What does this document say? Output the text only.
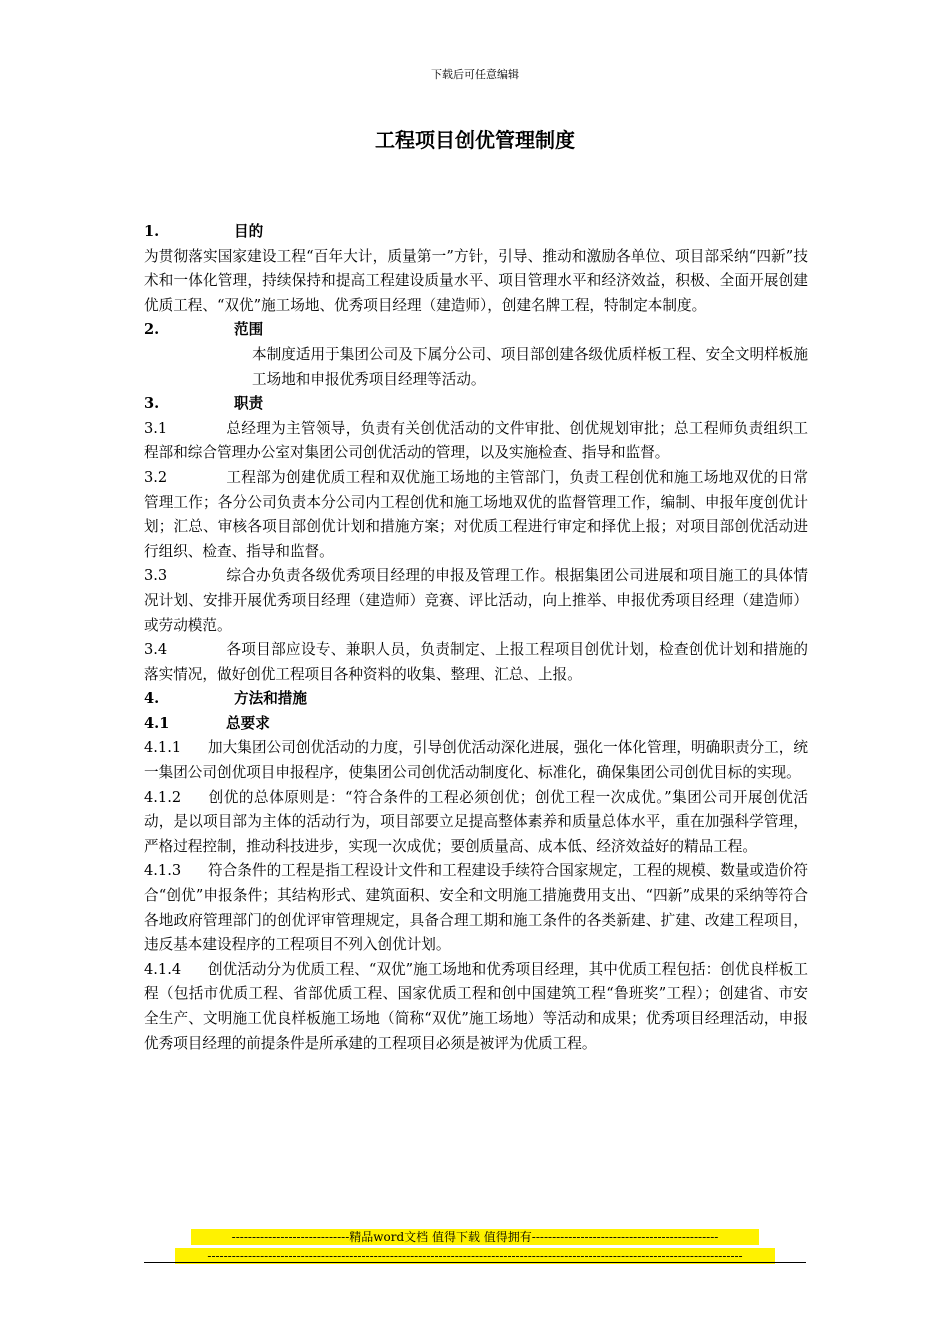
下载后可任意编辑
工程项目创优管理制度

1.	目的

为贯彻落实国家建设工程“百年大计，质量第一”方针，引导、推动和激励各单位、项目部采纳“四新”技术和一体化管理，持续保持和提高工程建设质量水平、项目管理水平和经济效益，积极、全面开展创建优质工程、“双优”施工场地、优秀项目经理（建造师），创建名牌工程，特制定本制度。

2.	范围

本制度适用于集团公司及下属分公司、项目部创建各级优质样板工程、安全文明样板施工场地和申报优秀项目经理等活动。

3.	职责

3.1	总经理为主管领导，负责有关创优活动的文件审批、创优规划审批；总工程师负责组织工程部和综合管理办公室对集团公司创优活动的管理，以及实施检查、指导和监督。

3.2	工程部为创建优质工程和双优施工场地的主管部门，负责工程创优和施工场地双优的日常管理工作；各分公司负责本分公司内工程创优和施工场地双优的监督管理工作，编制、申报年度创优计划；汇总、审核各项目部创优计划和措施方案；对优质工程进行审定和择优上报；对项目部创优活动进行组织、检查、指导和监督。

3.3	综合办负责各级优秀项目经理的申报及管理工作。根据集团公司进展和项目施工的具体情况计划、安排开展优秀项目经理（建造师）竞赛、评比活动，向上推举、申报优秀项目经理（建造师）或劳动模范。

3.4	各项目部应设专、兼职人员，负责制定、上报工程项目创优计划，检查创优计划和措施的落实情况，做好创优工程项目各种资料的收集、整理、汇总、上报。

4.	方法和措施

4.1	总要求

4.1.1 加大集团公司创优活动的力度，引导创优活动深化进展，强化一体化管理，明确职责分工，统一集团公司创优项目申报程序，使集团公司创优活动制度化、标准化，确保集团公司创优目标的实现。

4.1.2 创优的总体原则是：“符合条件的工程必须创优；创优工程一次成优。”集团公司开展创优活动，是以项目部为主体的活动行为，项目部要立足提高整体素养和质量总体水平，重在加强科学管理，严格过程控制，推动科技进步，实现一次成优；要创质量高、成本低、经济效益好的精品工程。

4.1.3 符合条件的工程是指工程设计文件和工程建设手续符合国家规定，工程的规模、数量或造价符合“创优”申报条件；其结构形式、建筑面积、安全和文明施工措施费用支出、“四新”成果的采纳等符合各地政府管理部门的创优评审管理规定，具备合理工期和施工条件的各类新建、扩建、改建工程项目，违反基本建设程序的工程项目不列入创优计划。

4.1.4 创优活动分为优质工程、“双优”施工场地和优秀项目经理，其中优质工程包括：创优良样板工程（包括市优质工程、省部优质工程、国家优质工程和创中国建筑工程“鲁班奖”工程）；创建省、市安全生产、文明施工优良样板施工场地（简称“双优”施工场地）等活动和成果；优秀项目经理活动，申报优秀项目经理的前提条件是所承建的工程项目必须是被评为优质工程。

-----------------------------精品word文档 值得下载 值得拥有----------------------------------------------
------------------------------------------------------------------------------------------------------------------------------------
